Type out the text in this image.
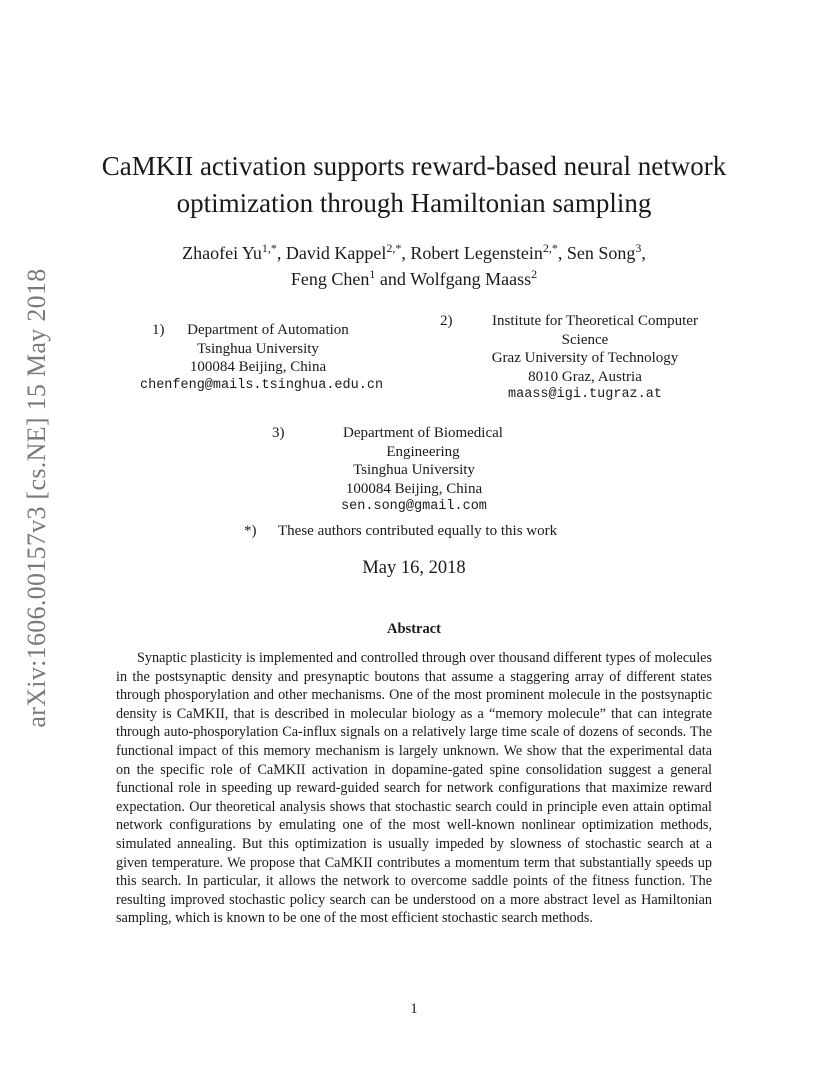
arXiv:1606.00157v3 [cs.NE] 15 May 2018
CaMKII activation supports reward-based neural network optimization through Hamiltonian sampling
Zhaofei $Yu^{1,*}$, David Kappel$^{2,*}$, Robert Legenstein$^{2,*}$, Sen Song$^3$,
Feng Chen$^1$ and Wolfgang Maass$^2$
1)	Department of Automation
Tsinghua University
100084 Beijing, China
chenfeng@mails.tsinghua.edu.cn
2)	Institute for Theoretical Computer
Science
Graz University of Technology
8010 Graz, Austria
maass@igi.tugraz.at
3)	Department of Biomedical Engineering
Tsinghua University
100084 Beijing, China
sen.song@gmail.com
*) These authors contributed equally to this work
May 16, 2018
Abstract

Synaptic plasticity is implemented and controlled through over thousand different types of molecules in the postsynaptic density and presynaptic boutons that assume a staggering array of different states through phosporylation and other mechanisms. One of the most prominent molecule in the postsynaptic density is CaMKII, that is described in molecular biology as a “memory molecule” that can integrate through auto-phosporylation Ca-influx signals on a relatively large time scale of dozens of seconds. The functional impact of this memory mechanism is largely unknown. We show that the experimental data on the specific role of CaMKII activation in dopamine-gated spine consolidation suggest a general functional role in speeding up reward-guided search for network configurations that maximize reward expectation. Our theoretical analysis shows that stochastic search could in principle even attain optimal network configurations by emulating one of the most well-known nonlinear optimization methods, simulated annealing. But this optimization is usually impeded by slowness of stochastic search at a given temperature. We propose that CaMKII contributes a momentum term that substantially speeds up this search. In particular, it allows the network to overcome saddle points of the fitness function. The resulting improved stochastic policy search can be understood on a more abstract level as Hamiltonian sampling, which is known to be one of the most efficient stochastic search methods.

1
